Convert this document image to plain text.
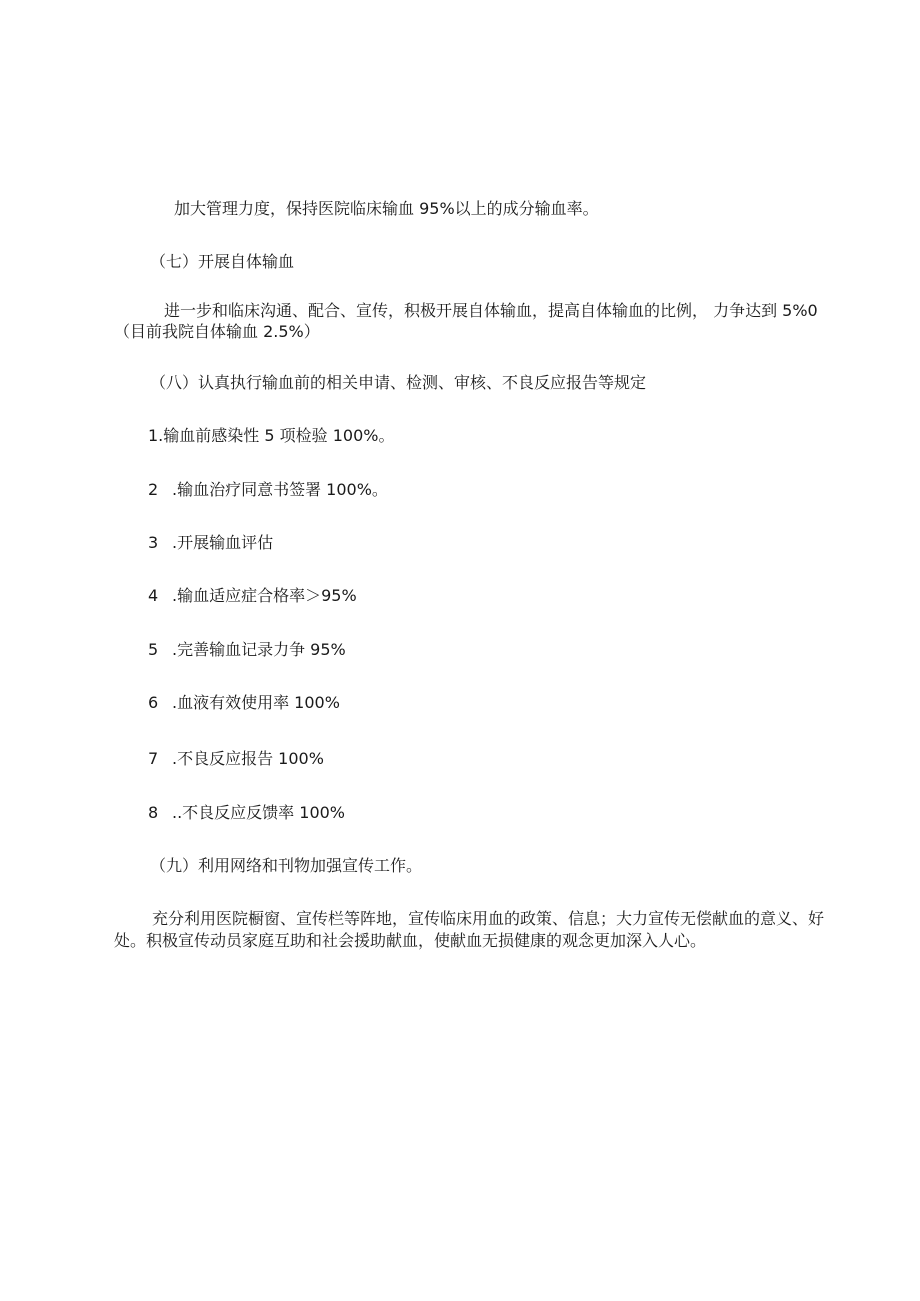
加大管理力度，保持医院临床输血 95%以上的成分输血率。

（七）开展自体输血

进一步和临床沟通、配合、宣传，积极开展自体输血，提高自体输血的比例， 力争达到 5%0

（目前我院自体输血 2.5%）

（八）认真执行输血前的相关申请、检测、审核、不良反应报告等规定

1.输血前感染性 5 项检验 100%。

2 .输血治疗同意书签署 100%。

3 .开展输血评估

4 .输血适应症合格率＞95%

5 .完善输血记录力争 95%

6 .血液有效使用率 100%

7 .不良反应报告 100%

8 ..不良反应反馈率 100%

（九）利用网络和刊物加强宣传工作。

充分利用医院橱窗、宣传栏等阵地，宣传临床用血的政策、信息；大力宣传无偿献血的意义、好

处。积极宣传动员家庭互助和社会援助献血，使献血无损健康的观念更加深入人心。
